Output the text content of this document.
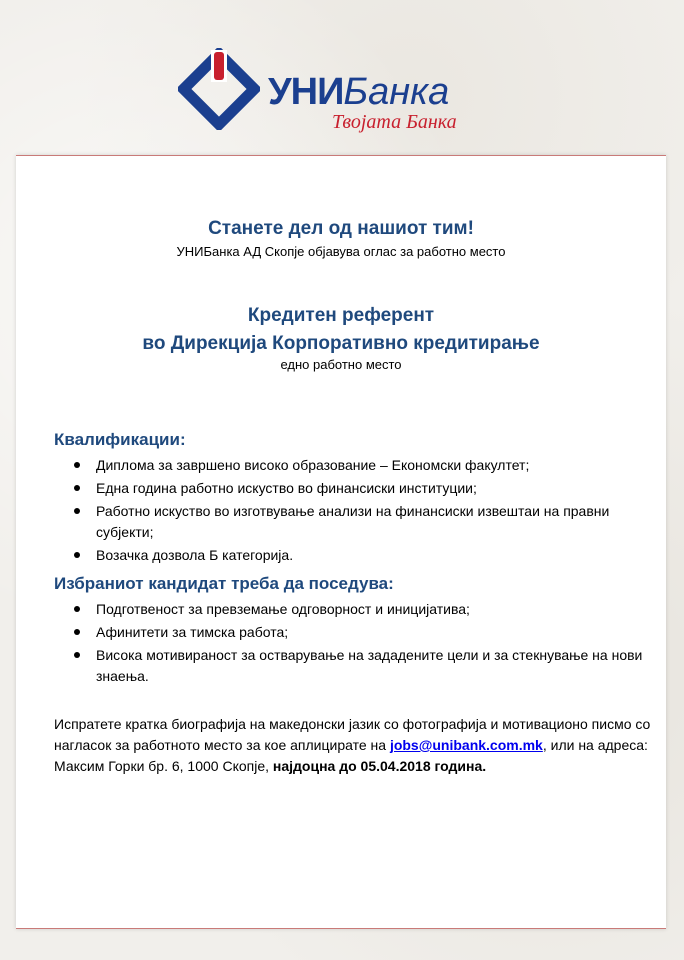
УНИБанка
Твојата Банка
Станете дел од нашиот тим!
УНИБанка АД Скопје објавува оглас за работно место
Кредитен референт
во Дирекција Корпоративно кредитирање
едно работно место
Квалификации:
Диплома за завршено високо образование – Економски факултет;
Една година работно искуство во финансиски институции;
Работно искуство во изготвување анализи на финансиски извештаи на правни субјекти;
Возачка дозвола Б категорија.
Избраниот кандидат треба да поседува:
Подготвеност за превземање одговорност и иницијатива;
Афинитети за тимска работа;
Висока мотивираност за остварување на зададените цели и за стекнување на нови знаења.
Испратете кратка биографија на македонски јазик со фотографија и мотивационо писмо со нагласок за работното место за кое аплицирате на jobs@unibank.com.mk, или на адреса: Максим Горки бр. 6, 1000 Скопје, најдоцна до 05.04.2018 година.
